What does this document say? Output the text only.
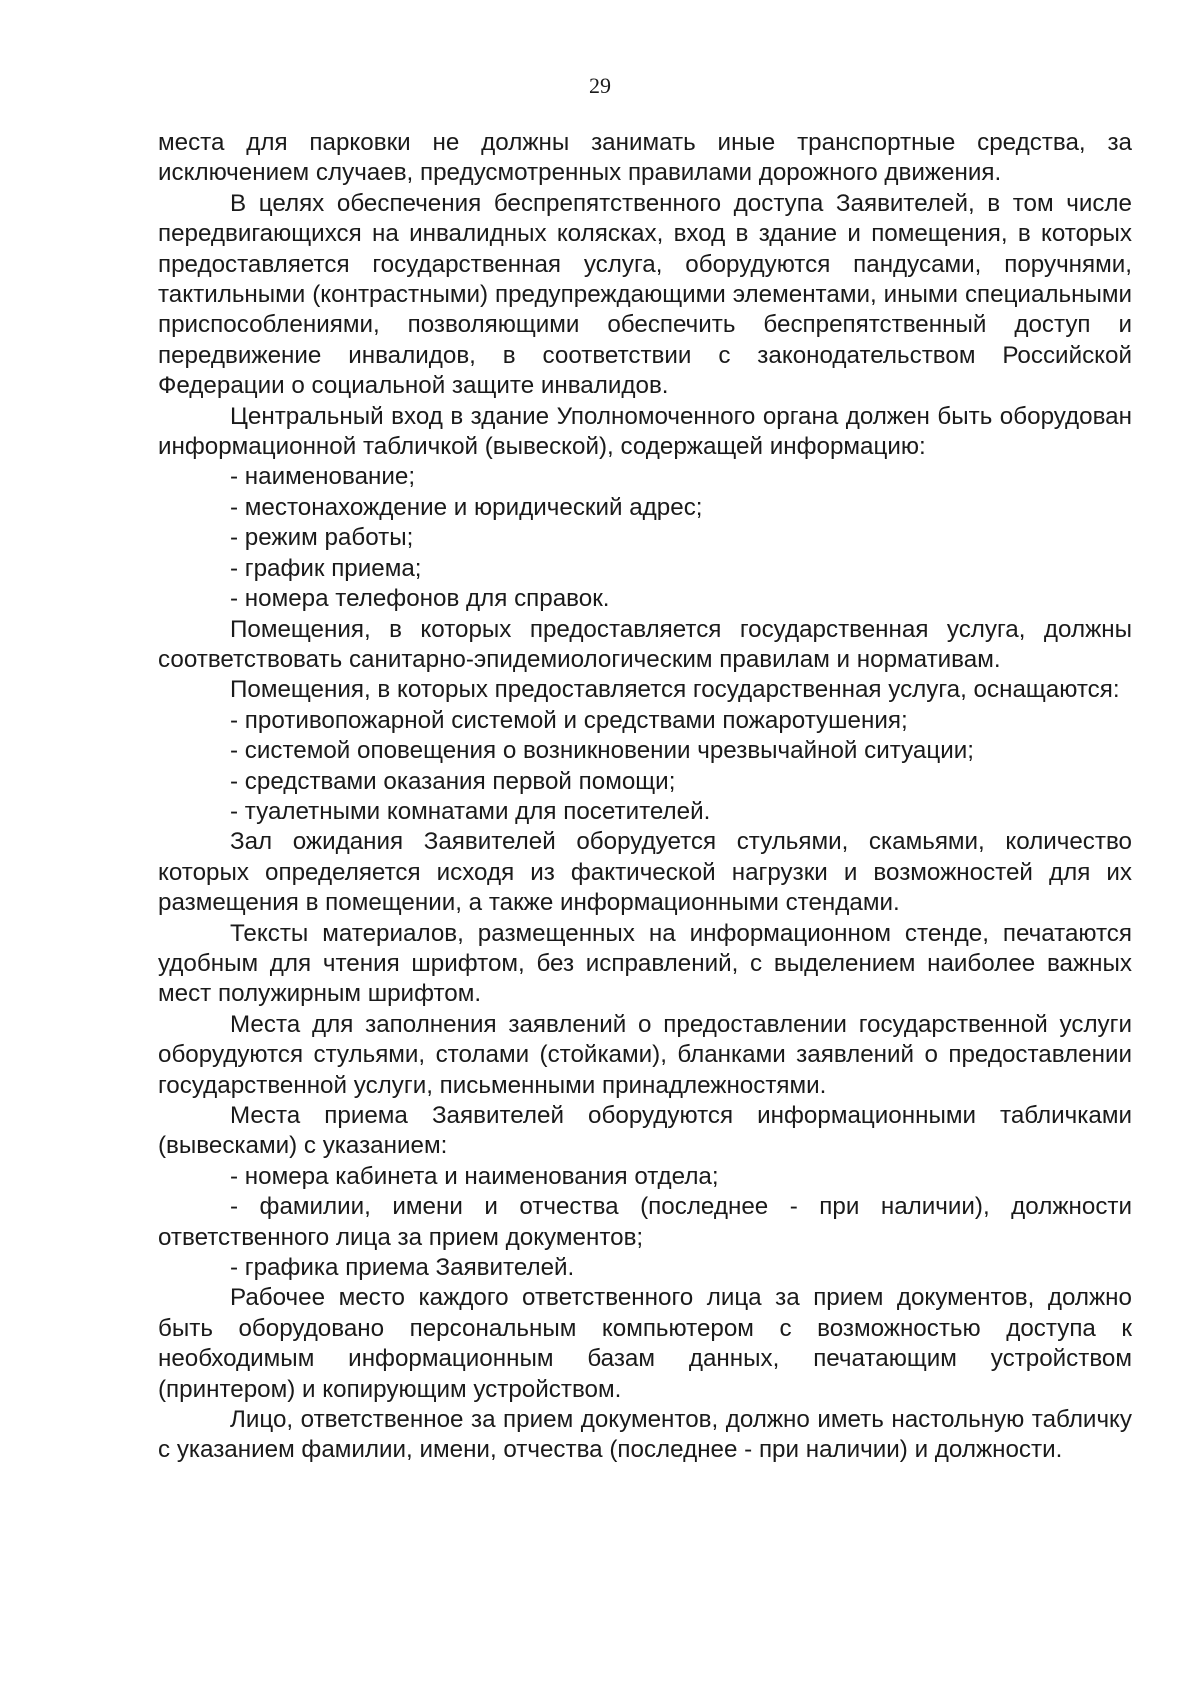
29

места для парковки не должны занимать иные транспортные средства, за исключением случаев, предусмотренных правилами дорожного движения.

В целях обеспечения беспрепятственного доступа Заявителей, в том числе передвигающихся на инвалидных колясках, вход в здание и помещения, в которых предоставляется государственная услуга, оборудуются пандусами, поручнями, тактильными (контрастными) предупреждающими элементами, иными специальными приспособлениями, позволяющими обеспечить беспрепятственный доступ и передвижение инвалидов, в соответствии с законодательством Российской Федерации о социальной защите инвалидов.

Центральный вход в здание Уполномоченного органа должен быть оборудован информационной табличкой (вывеской), содержащей информацию:

- наименование;

- местонахождение и юридический адрес;

- режим работы;

- график приема;

- номера телефонов для справок.

Помещения, в которых предоставляется государственная услуга, должны соответствовать санитарно-эпидемиологическим правилам и нормативам.

Помещения, в которых предоставляется государственная услуга, оснащаются:

- противопожарной системой и средствами пожаротушения;

- системой оповещения о возникновении чрезвычайной ситуации;

- средствами оказания первой помощи;

- туалетными комнатами для посетителей.

Зал ожидания Заявителей оборудуется стульями, скамьями, количество которых определяется исходя из фактической нагрузки и возможностей для их размещения в помещении, а также информационными стендами.

Тексты материалов, размещенных на информационном стенде, печатаются удобным для чтения шрифтом, без исправлений, с выделением наиболее важных мест полужирным шрифтом.

Места для заполнения заявлений о предоставлении государственной услуги оборудуются стульями, столами (стойками), бланками заявлений о предоставлении государственной услуги, письменными принадлежностями.

Места приема Заявителей оборудуются информационными табличками (вывесками) с указанием:

- номера кабинета и наименования отдела;

- фамилии, имени и отчества (последнее - при наличии), должности ответственного лица за прием документов;

- графика приема Заявителей.

Рабочее место каждого ответственного лица за прием документов, должно быть оборудовано персональным компьютером с возможностью доступа к необходимым информационным базам данных, печатающим устройством (принтером) и копирующим устройством.

Лицо, ответственное за прием документов, должно иметь настольную табличку с указанием фамилии, имени, отчества (последнее - при наличии) и должности.
